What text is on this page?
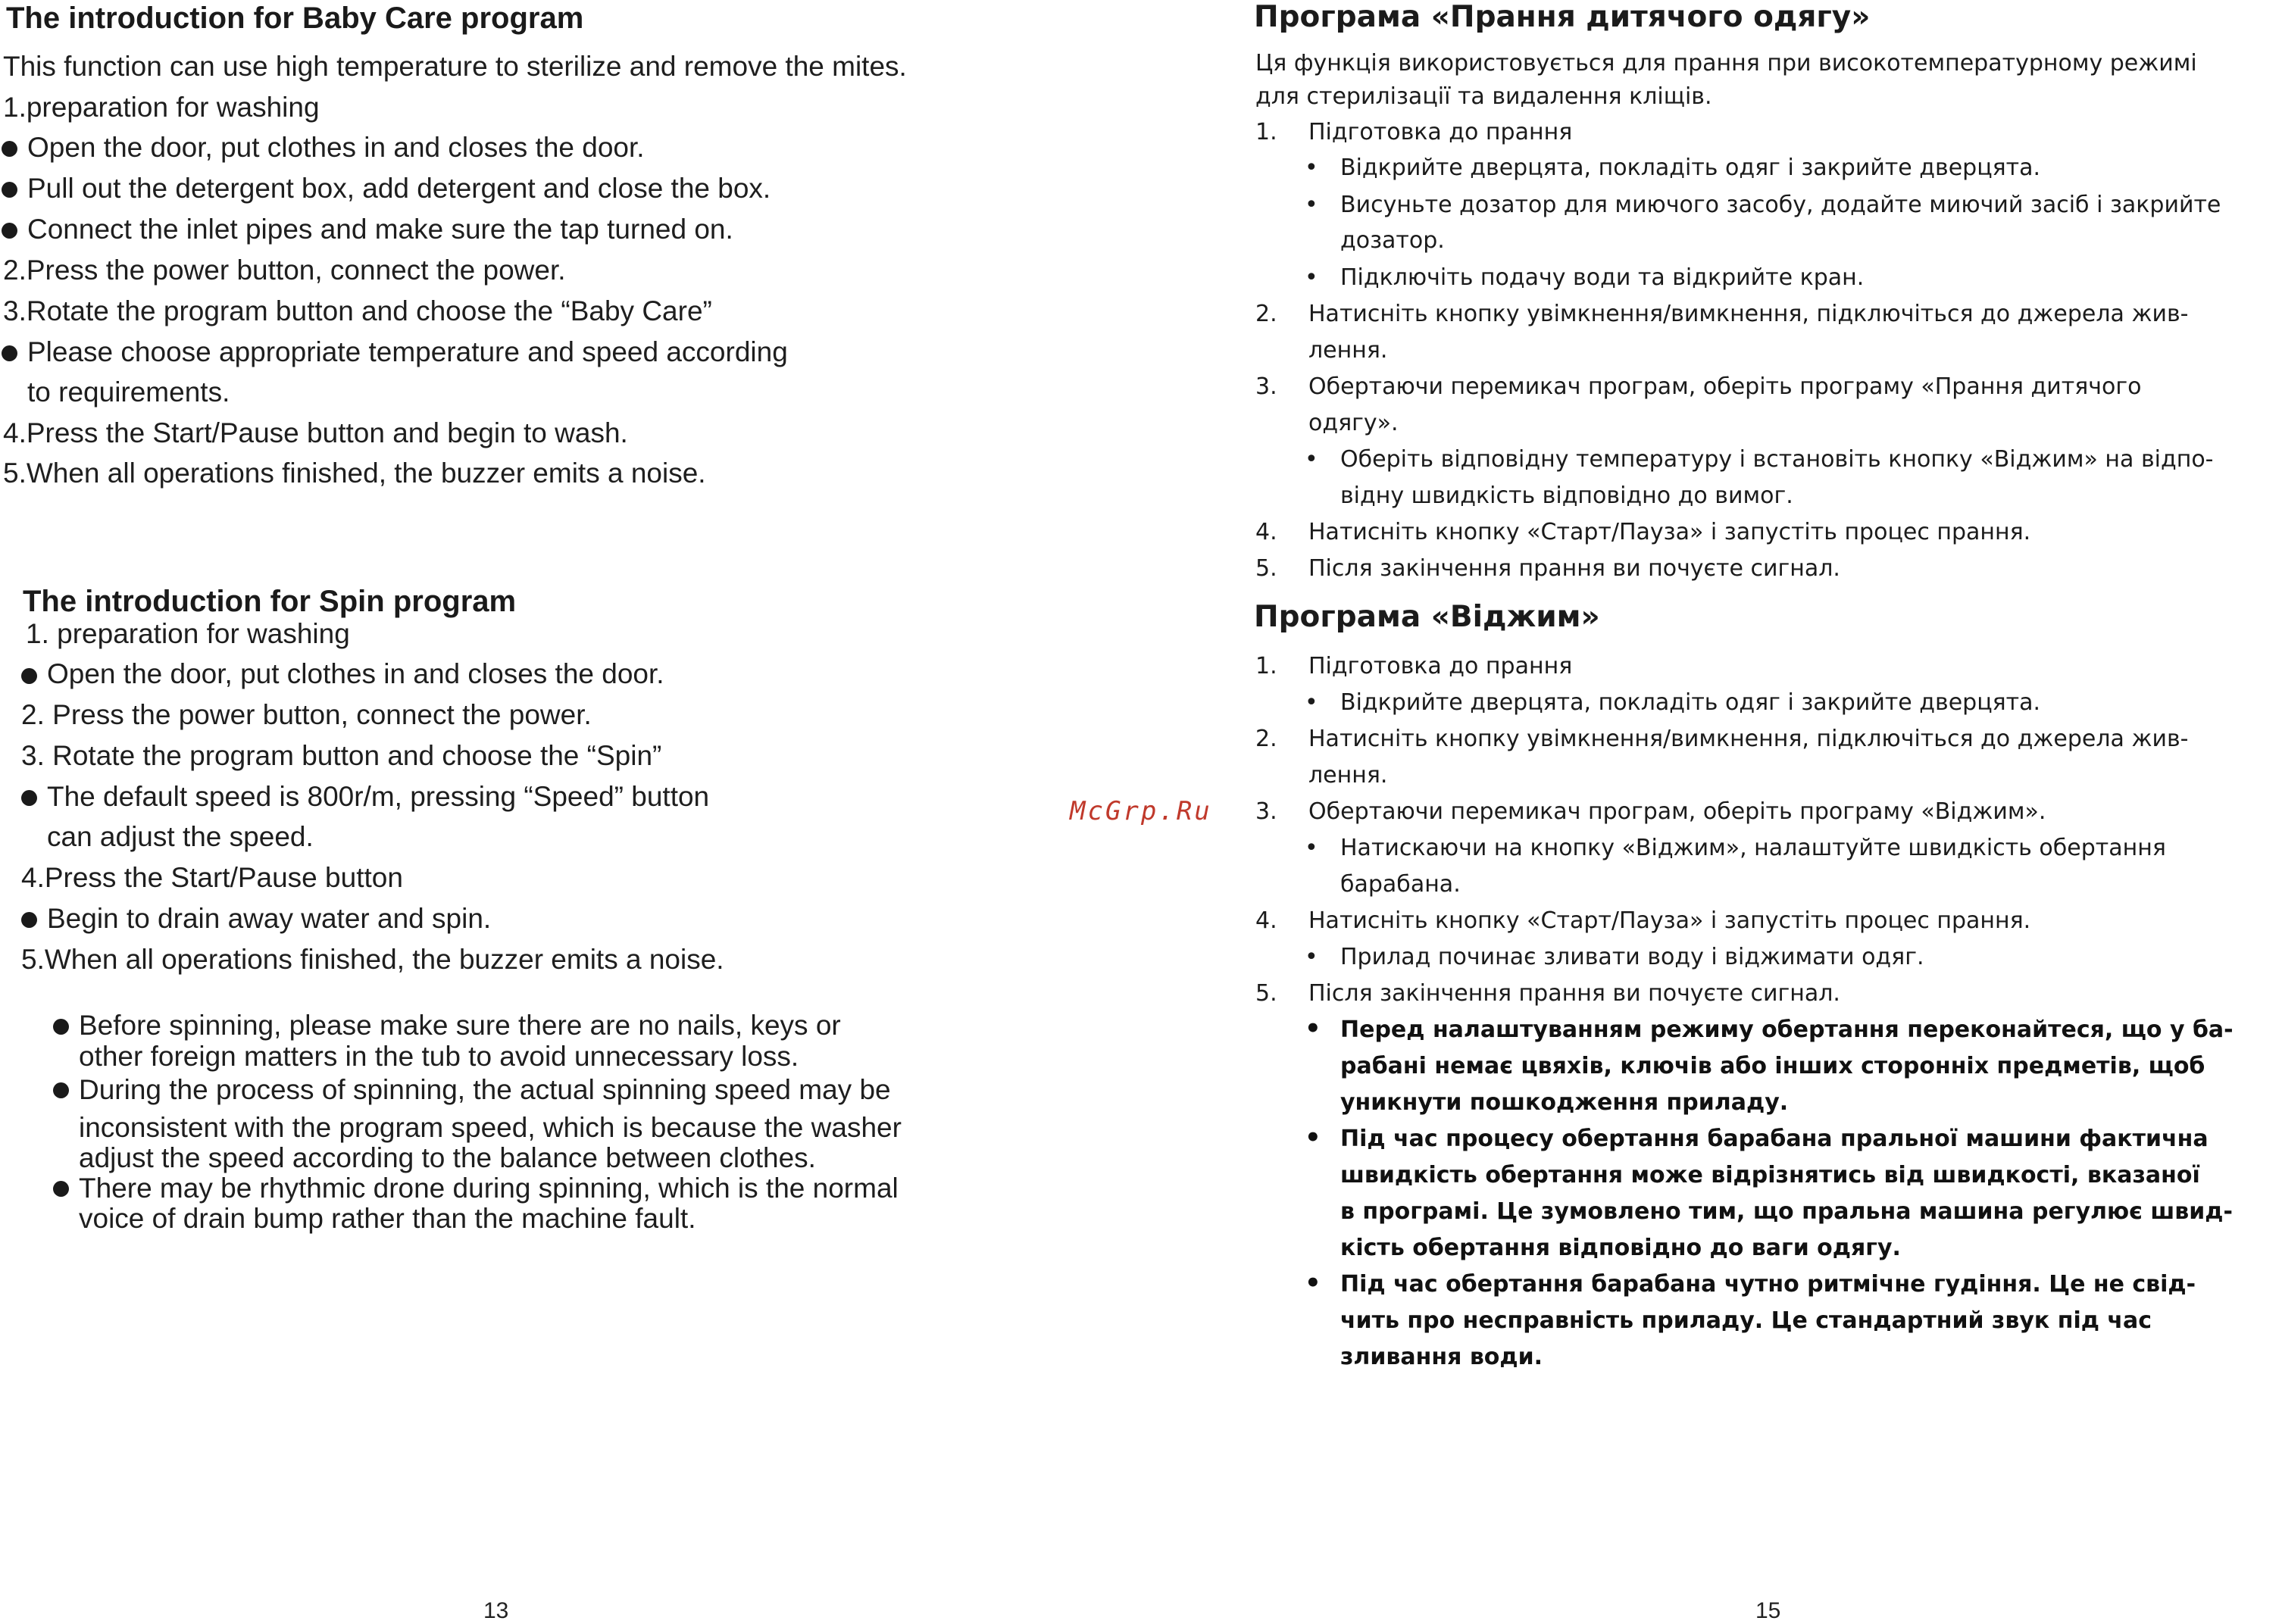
The introduction for Baby Care program
This function can use high temperature to sterilize and remove the mites.
1.preparation for washing
Open the door, put clothes in and closes the door.
Pull out the detergent box, add detergent and close the box.
Connect the inlet pipes and make sure the tap turned on.
2.Press the power button, connect the power.
3.Rotate the program button and choose the “Baby Care”
Please choose appropriate temperature and speed according
to requirements.
4.Press the Start/Pause button and begin to wash.
5.When all operations finished, the buzzer emits a noise.
The introduction for Spin program
1. preparation for washing
Open the door, put clothes in and closes the door.
2. Press the power button, connect the power.
3. Rotate the program button and choose the “Spin”
The default speed is 800r/m, pressing “Speed” button
can adjust the speed.
4.Press the Start/Pause button
Begin to drain away water and spin.
5.When all operations finished, the buzzer emits a noise.
Before spinning, please make sure there are no nails, keys or
other foreign matters in the tub to avoid unnecessary loss.
During the process of spinning, the actual spinning speed may be
inconsistent with the program speed, which is because the washer
adjust the speed according to the balance between clothes.
There may be rhythmic drone during spinning, which is the normal
voice of drain bump rather than the machine fault.
13
McGrp.Ru
Програма «Прання дитячого одягу»
Ця функція використовується для прання при високотемпературному режимі
для стерилізації та видалення кліщів.
1. Підготовка до прання
• Відкрийте дверцята, покладіть одяг і закрийте дверцята.
• Висуньте дозатор для миючого засобу, додайте миючий засіб і закрийте
дозатор.
• Підключіть подачу води та відкрийте кран.
2. Натисніть кнопку увімкнення/вимкнення, підключіться до джерела жив-
лення.
3. Обертаючи перемикач програм, оберіть програму «Прання дитячого
одягу».
• Оберіть відповідну температуру і встановіть кнопку «Віджим» на відпо-
відну швидкість відповідно до вимог.
4. Натисніть кнопку «Старт/Пауза» і запустіть процес прання.
5. Після закінчення прання ви почуєте сигнал.
Програма «Віджим»
1. Підготовка до прання
• Відкрийте дверцята, покладіть одяг і закрийте дверцята.
2. Натисніть кнопку увімкнення/вимкнення, підключіться до джерела жив-
лення.
3. Обертаючи перемикач програм, оберіть програму «Віджим».
• Натискаючи на кнопку «Віджим», налаштуйте швидкість обертання
барабана.
4. Натисніть кнопку «Старт/Пауза» і запустіть процес прання.
• Прилад починає зливати воду і віджимати одяг.
5. Після закінчення прання ви почуєте сигнал.
• Перед налаштуванням режиму обертання переконайтеся, що у ба-
рабані немає цвяхів, ключів або інших сторонніх предметів, щоб
уникнути пошкодження приладу.
• Під час процесу обертання барабана пральної машини фактична
швидкість обертання може відрізнятись від швидкості, вказаної
в програмі. Це зумовлено тим, що пральна машина регулює швид-
кість обертання відповідно до ваги одягу.
• Під час обертання барабана чутно ритмічне гудіння. Це не свід-
чить про несправність приладу. Це стандартний звук під час
зливання води.
15
